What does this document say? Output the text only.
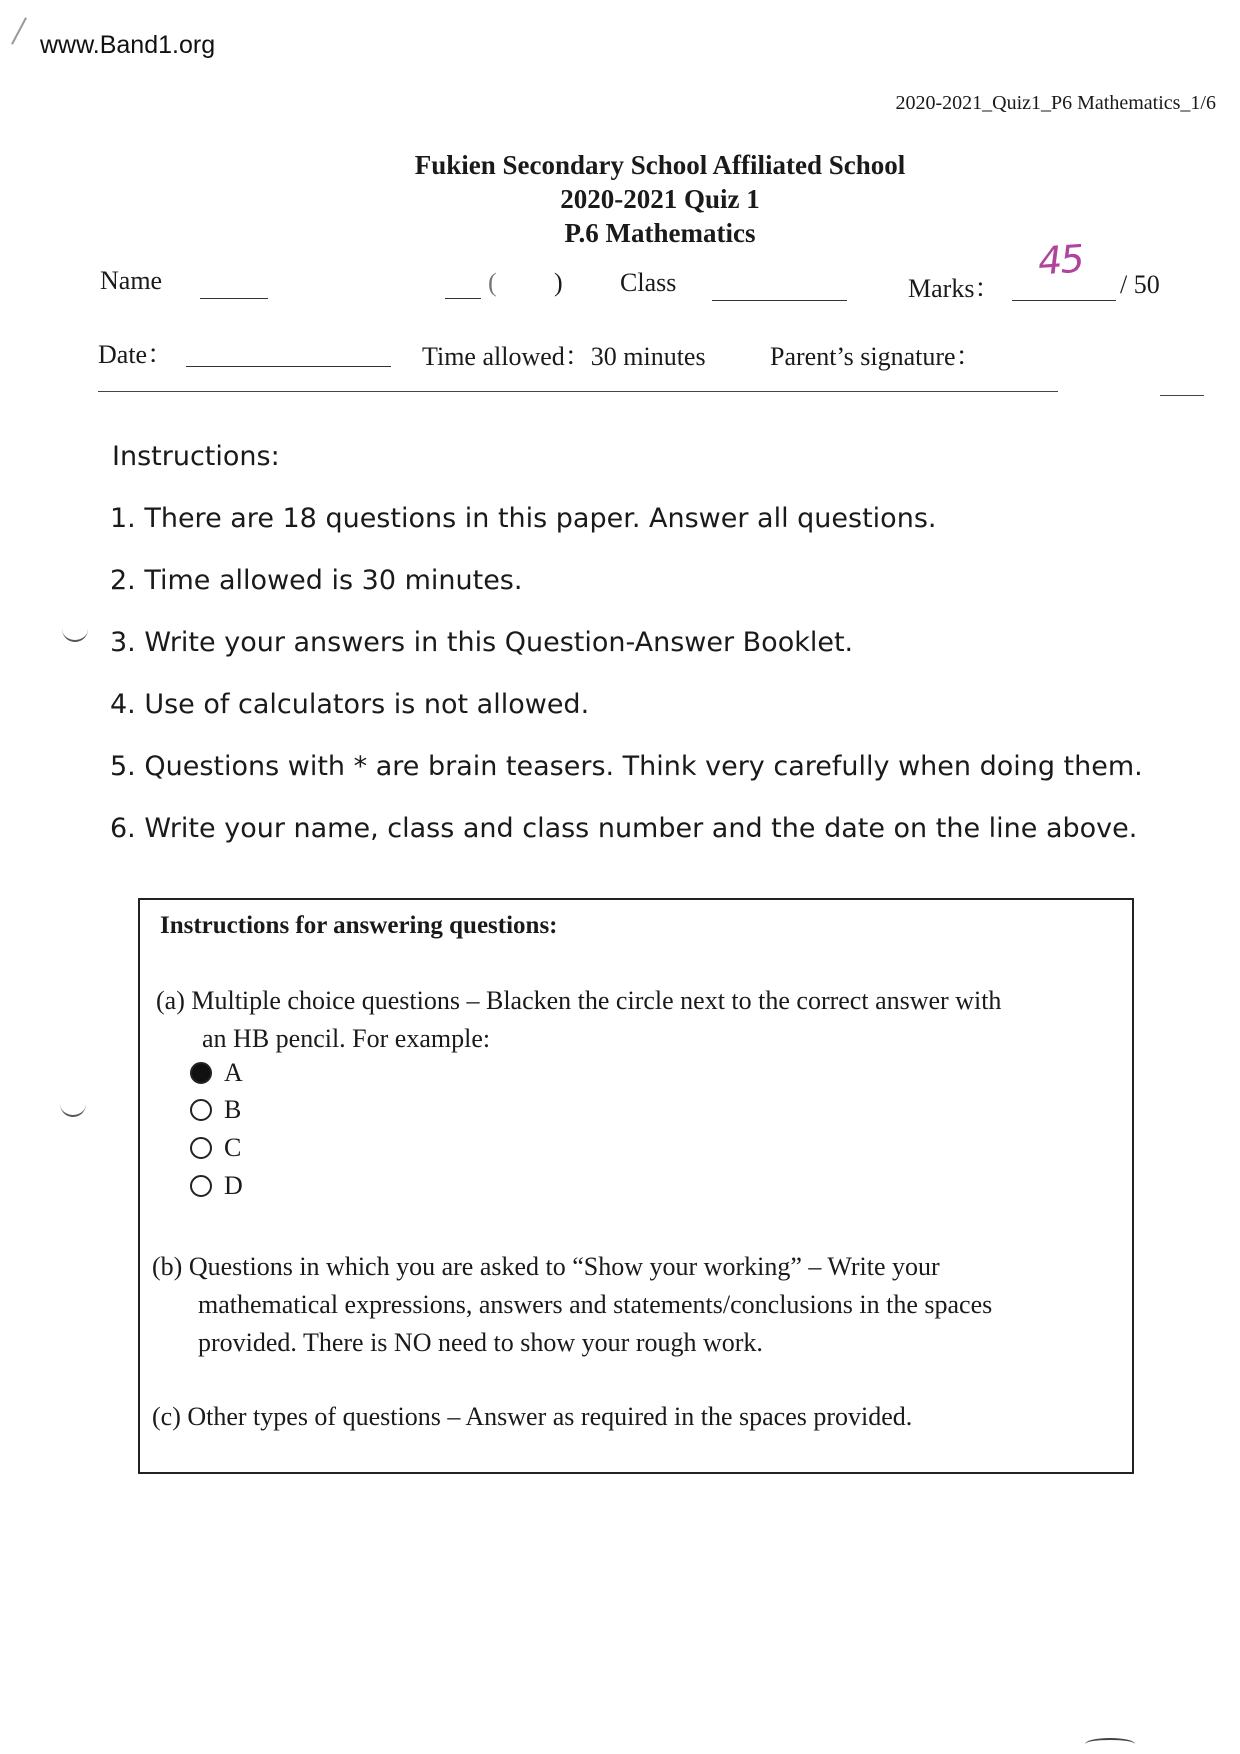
www.Band1.org
2020-2021_Quiz1_P6 Mathematics_1/6
Fukien Secondary School Affiliated School
2020-2021 Quiz 1
P.6 Mathematics
Name	( ) Class	Marks：
45
/ 50
Date：	Time allowed：30 minutes Parent’s signature：
Instructions:
1. There are 18 questions in this paper. Answer all questions.
2. Time allowed is 30 minutes.
3. Write your answers in this Question-Answer Booklet.
4. Use of calculators is not allowed.
5. Questions with * are brain teasers. Think very carefully when doing them.
6. Write your name, class and class number and the date on the line above.
Instructions for answering questions:
(a) Multiple choice questions – Blacken the circle next to the correct answer with
an HB pencil. For example:
A
B
C
D
(b) Questions in which you are asked to “Show your working” – Write your
mathematical expressions, answers and statements/conclusions in the spaces
provided. There is NO need to show your rough work.
(c) Other types of questions – Answer as required in the spaces provided.
